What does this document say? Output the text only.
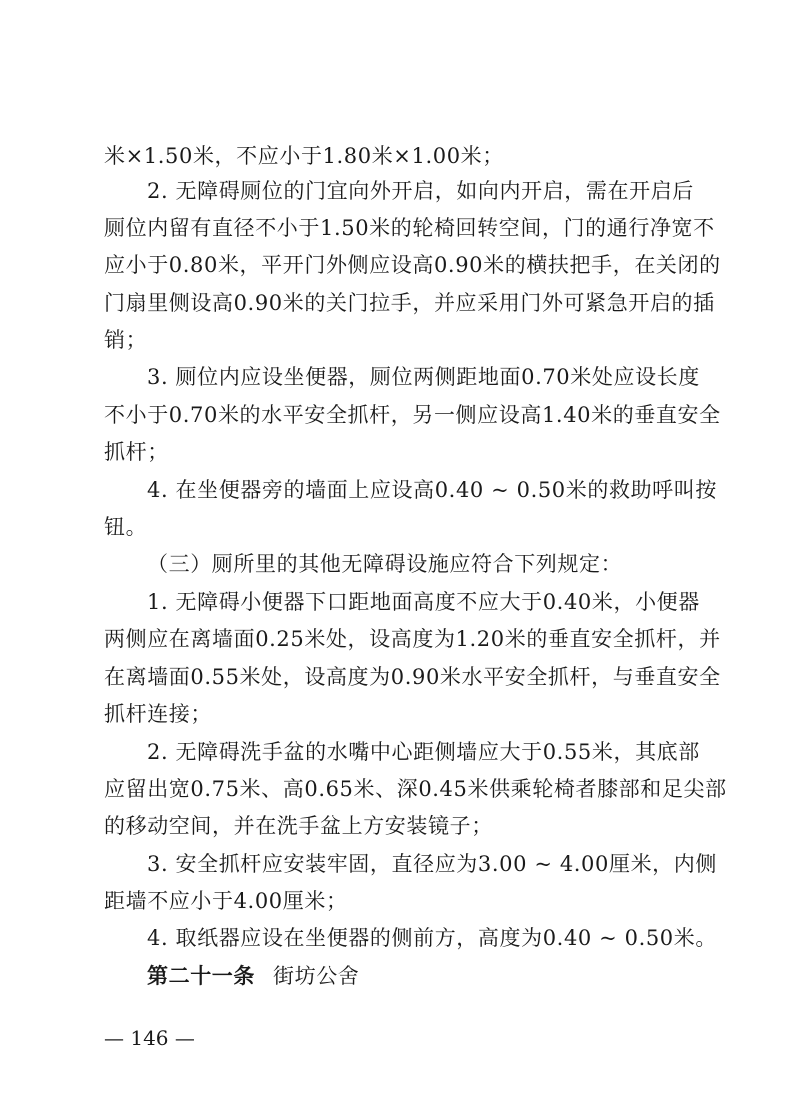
米×1.50米，不应小于1.80米×1.00米；
2. 无障碍厕位的门宜向外开启，如向内开启，需在开启后
厕位内留有直径不小于1.50米的轮椅回转空间，门的通行净宽不
应小于0.80米，平开门外侧应设高0.90米的横扶把手，在关闭的
门扇里侧设高0.90米的关门拉手，并应采用门外可紧急开启的插
销；
3. 厕位内应设坐便器，厕位两侧距地面0.70米处应设长度
不小于0.70米的水平安全抓杆，另一侧应设高1.40米的垂直安全
抓杆；
4. 在坐便器旁的墙面上应设高0.40 ~ 0.50米的救助呼叫按
钮。
（三）厕所里的其他无障碍设施应符合下列规定：
1. 无障碍小便器下口距地面高度不应大于0.40米，小便器
两侧应在离墙面0.25米处，设高度为1.20米的垂直安全抓杆，并
在离墙面0.55米处，设高度为0.90米水平安全抓杆，与垂直安全
抓杆连接；
2. 无障碍洗手盆的水嘴中心距侧墙应大于0.55米，其底部
应留出宽0.75米、高0.65米、深0.45米供乘轮椅者膝部和足尖部
的移动空间，并在洗手盆上方安装镜子；
3. 安全抓杆应安装牢固，直径应为3.00 ~ 4.00厘米，内侧
距墙不应小于4.00厘米；
4. 取纸器应设在坐便器的侧前方，高度为0.40 ~ 0.50米。
第二十一条 街坊公舍
— 146 —
